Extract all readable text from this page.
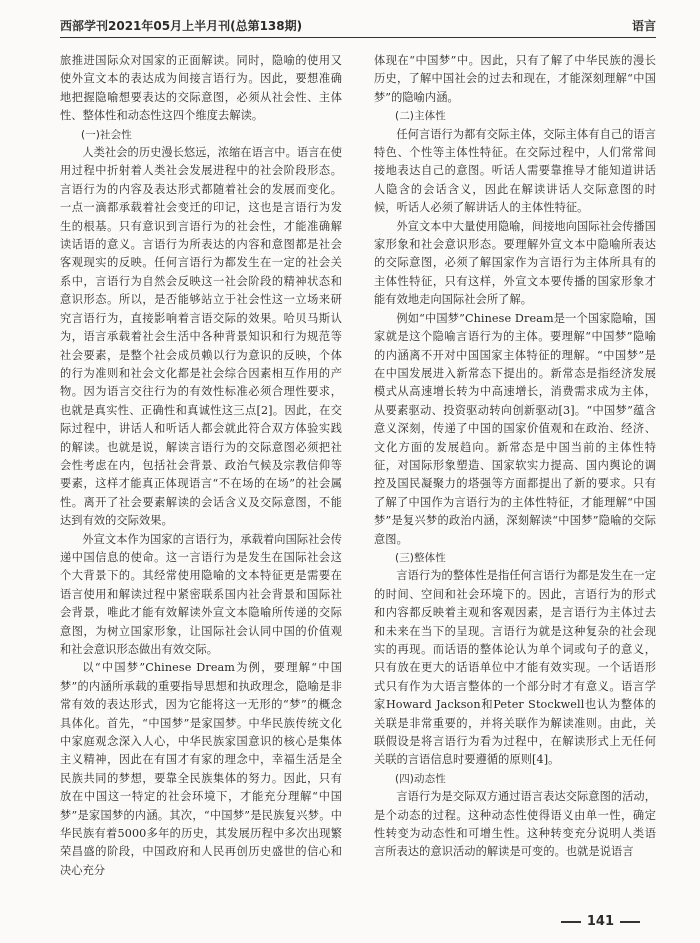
西部学刊2021年05月上半月刊(总第138期)	语言

旅推进国际众对国家的正面解读。同时，隐喻的使用又使外宣文本的表达成为间接言语行为。因此，要想准确地把握隐喻想要表达的交际意图，必须从社会性、主体性、整体性和动态性这四个维度去解读。

(一)社会性

人类社会的历史漫长悠远，浓缩在语言中。语言在使用过程中折射着人类社会发展进程中的社会阶段形态。言语行为的内容及表达形式都随着社会的发展而变化。一点一滴都承载着社会变迁的印记，这也是言语行为发生的根基。只有意识到言语行为的社会性，才能准确解读话语的意义。言语行为所表达的内容和意图都是社会客观现实的反映。任何言语行为都发生在一定的社会关系中，言语行为自然会反映这一社会阶段的精神状态和意识形态。所以，是否能够站立于社会性这一立场来研究言语行为，直接影响着言语交际的效果。哈贝马斯认为，语言承载着社会生活中各种背景知识和行为规范等社会要素，是整个社会成员赖以行为意识的反映，个体的行为准则和社会文化都是社会综合因素相互作用的产物。因为语言交往行为的有效性标准必须合理性要求，也就是真实性、正确性和真诚性这三点[2]。因此，在交际过程中，讲话人和听话人都会就此符合双方体验实践的解读。也就是说，解读言语行为的交际意图必须把社会性考虑在内，包括社会背景、政治气候及宗教信仰等要素，这样才能真正体现语言“不在场的在场”的社会属性。离开了社会要素解读的会话含义及交际意图，不能达到有效的交际效果。

外宣文本作为国家的言语行为，承载着向国际社会传递中国信息的使命。这一言语行为是发生在国际社会这个大背景下的。其经常使用隐喻的文本特征更是需要在语言使用和解读过程中紧密联系国内社会背景和国际社会背景，唯此才能有效解读外宣文本隐喻所传递的交际意图，为树立国家形象，让国际社会认同中国的价值观和社会意识形态做出有效交际。

以“中国梦”Chinese Dream为例，要理解“中国梦”的内涵所承载的重要指导思想和执政理念，隐喻是非常有效的表达形式，因为它能将这一无形的“梦”的概念具体化。首先，“中国梦”是家国梦。中华民族传统文化中家庭观念深入人心，中华民族家国意识的核心是集体主义精神，因此在有国才有家的理念中，幸福生活是全民族共同的梦想，要靠全民族集体的努力。因此，只有放在中国这一特定的社会环境下，才能充分理解“中国梦”是家国梦的内涵。其次，“中国梦”是民族复兴梦。中华民族有着5000多年的历史，其发展历程中多次出现繁荣昌盛的阶段，中国政府和人民再创历史盛世的信心和决心充分

体现在“中国梦”中。因此，只有了解了中华民族的漫长历史，了解中国社会的过去和现在，才能深刻理解“中国梦”的隐喻内涵。

(二)主体性

任何言语行为都有交际主体，交际主体有自己的语言特色、个性等主体性特征。在交际过程中，人们常常间接地表达自己的意图。听话人需要靠推导才能知道讲话人隐含的会话含义，因此在解读讲话人交际意图的时候，听话人必须了解讲话人的主体性特征。

外宣文本中大量使用隐喻，间接地向国际社会传播国家形象和社会意识形态。要理解外宣文本中隐喻所表达的交际意图，必须了解国家作为言语行为主体所具有的主体性特征，只有这样，外宣文本要传播的国家形象才能有效地走向国际社会所了解。

例如“中国梦”Chinese Dream是一个国家隐喻，国家就是这个隐喻言语行为的主体。要理解“中国梦”隐喻的内涵离不开对中国国家主体特征的理解。“中国梦”是在中国发展进入新常态下提出的。新常态是指经济发展模式从高速增长转为中高速增长，消费需求成为主体，从要素驱动、投资驱动转向创新驱动[3]。“中国梦”蕴含意义深刻，传递了中国的国家价值观和在政治、经济、文化方面的发展趋向。新常态是中国当前的主体性特征，对国际形象塑造、国家软实力提高、国内舆论的调控及国民凝聚力的塔强等方面都提出了新的要求。只有了解了中国作为言语行为的主体性特征，才能理解“中国梦”是复兴梦的政治内涵，深刻解读“中国梦”隐喻的交际意图。

(三)整体性

言语行为的整体性是指任何言语行为都是发生在一定的时间、空间和社会环境下的。因此，言语行为的形式和内容都反映着主观和客观因素，是言语行为主体过去和未来在当下的呈现。言语行为就是这种复杂的社会现实的再现。而话语的整体论认为单个词或句子的意义，只有放在更大的话语单位中才能有效实现。一个话语形式只有作为大语言整体的一个部分时才有意义。语言学家Howard Jackson和Peter Stockwell也认为整体的关联是非常重要的，并将关联作为解读准则。由此，关联假设是将言语行为看为过程中，在解读形式上无任何关联的言语信息时要遵循的原则[4]。

(四)动态性

言语行为是交际双方通过语言表达交际意图的活动，是个动态的过程。这种动态性使得语义由单一性，确定性转变为动态性和可增生性。这种转变充分说明人类语言所表达的意识活动的解读是可变的。也就是说语言

141
